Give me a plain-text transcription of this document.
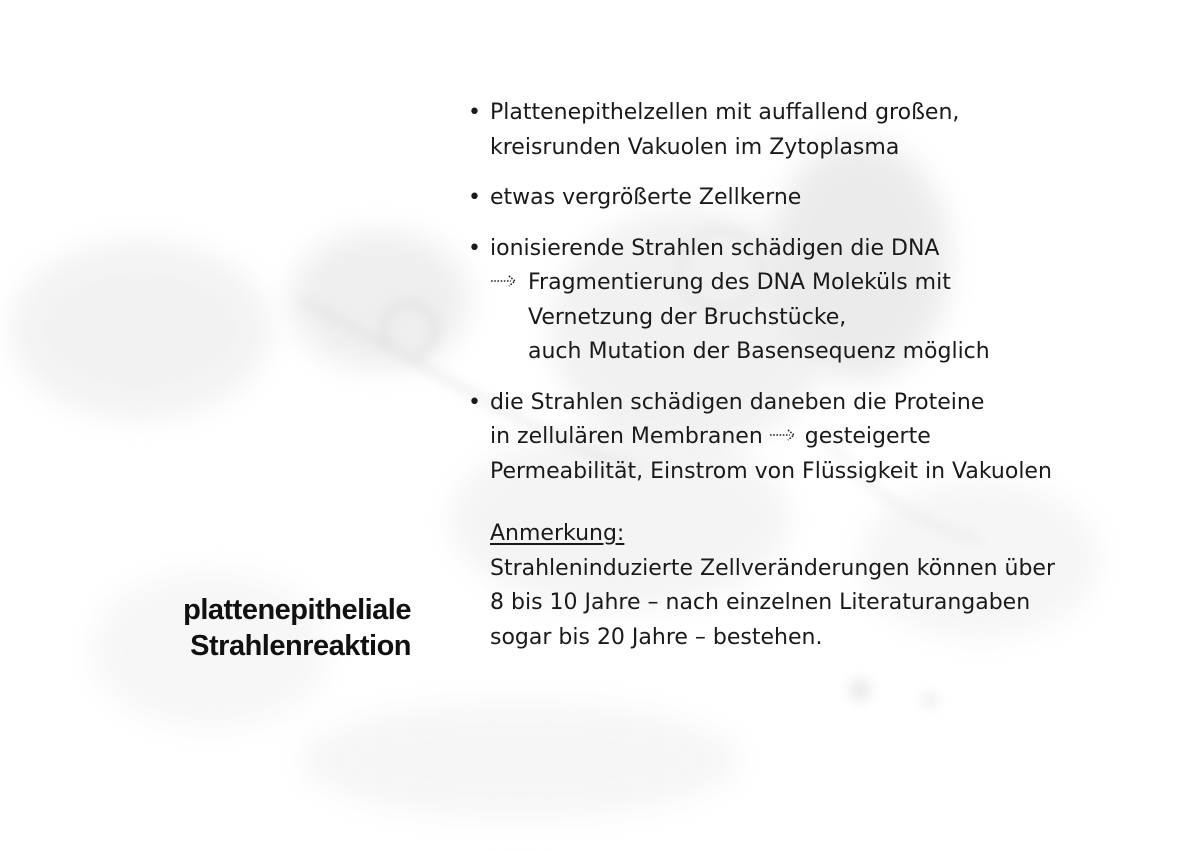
plattenepitheliale
Strahlenreaktion
• Plattenepithelzellen mit auffallend großen,
kreisrunden Vakuolen im Zytoplasma
• etwas vergrößerte Zellkerne
• ionisierende Strahlen schädigen die DNA
Fragmentierung des DNA Moleküls mit
Vernetzung der Bruchstücke,
auch Mutation der Basensequenz möglich
• die Strahlen schädigen daneben die Proteine
in zellulären Membranen gesteigerte
Permeabilität, Einstrom von Flüssigkeit in Vakuolen
Anmerkung:
Strahleninduzierte Zellveränderungen können über
8 bis 10 Jahre – nach einzelnen Literaturangaben
sogar bis 20 Jahre – bestehen.
